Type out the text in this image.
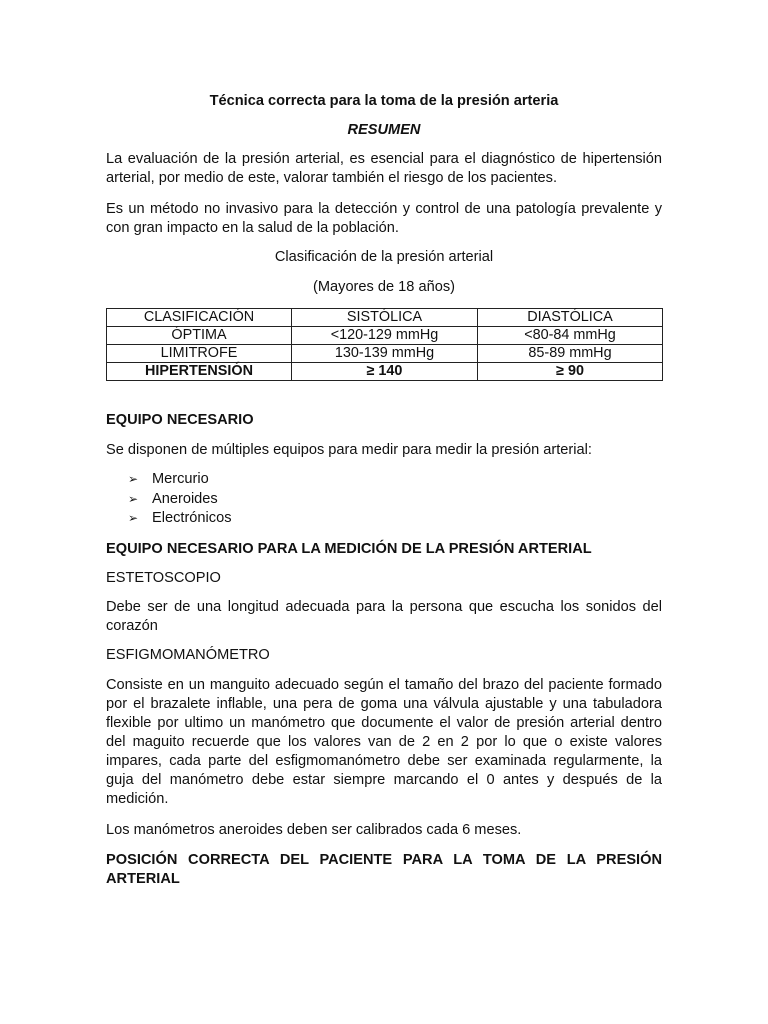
Técnica correcta para la toma de la presión arteria
RESUMEN
La evaluación de la presión arterial, es esencial para el diagnóstico de hipertensión arterial, por medio de este, valorar también el riesgo de los pacientes.
Es un método no invasivo para la detección y control de una patología prevalente y con gran impacto en la salud de la población.
Clasificación de la presión arterial
(Mayores de 18 años)
CLASIFICACIÓN	SISTÓLICA	DIASTÓLICA
ÓPTIMA	<120-129 mmHg	<80-84 mmHg
LIMITROFE	130-139 mmHg	85-89 mmHg
HIPERTENSIÓN	≥ 140	≥ 90
EQUIPO NECESARIO
Se disponen de múltiples equipos para medir para medir la presión arterial:
➢ Mercurio
➢ Aneroides
➢ Electrónicos
EQUIPO NECESARIO PARA LA MEDICIÓN DE LA PRESIÓN ARTERIAL
ESTETOSCOPIO
Debe ser de una longitud adecuada para la persona que escucha los sonidos del corazón
ESFIGMOMANÓMETRO
Consiste en un manguito adecuado según el tamaño del brazo del paciente formado por el brazalete inflable, una pera de goma una válvula ajustable y una tabuladora flexible por ultimo un manómetro que documente el valor de presión arterial dentro del maguito recuerde que los valores van de 2 en 2 por lo que o existe valores impares, cada parte del esfigmomanómetro debe ser examinada regularmente, la guja del manómetro debe estar siempre marcando el 0 antes y después de la medición.
Los manómetros aneroides deben ser calibrados cada 6 meses.
POSICIÓN CORRECTA DEL PACIENTE PARA LA TOMA DE LA PRESIÓN ARTERIAL
